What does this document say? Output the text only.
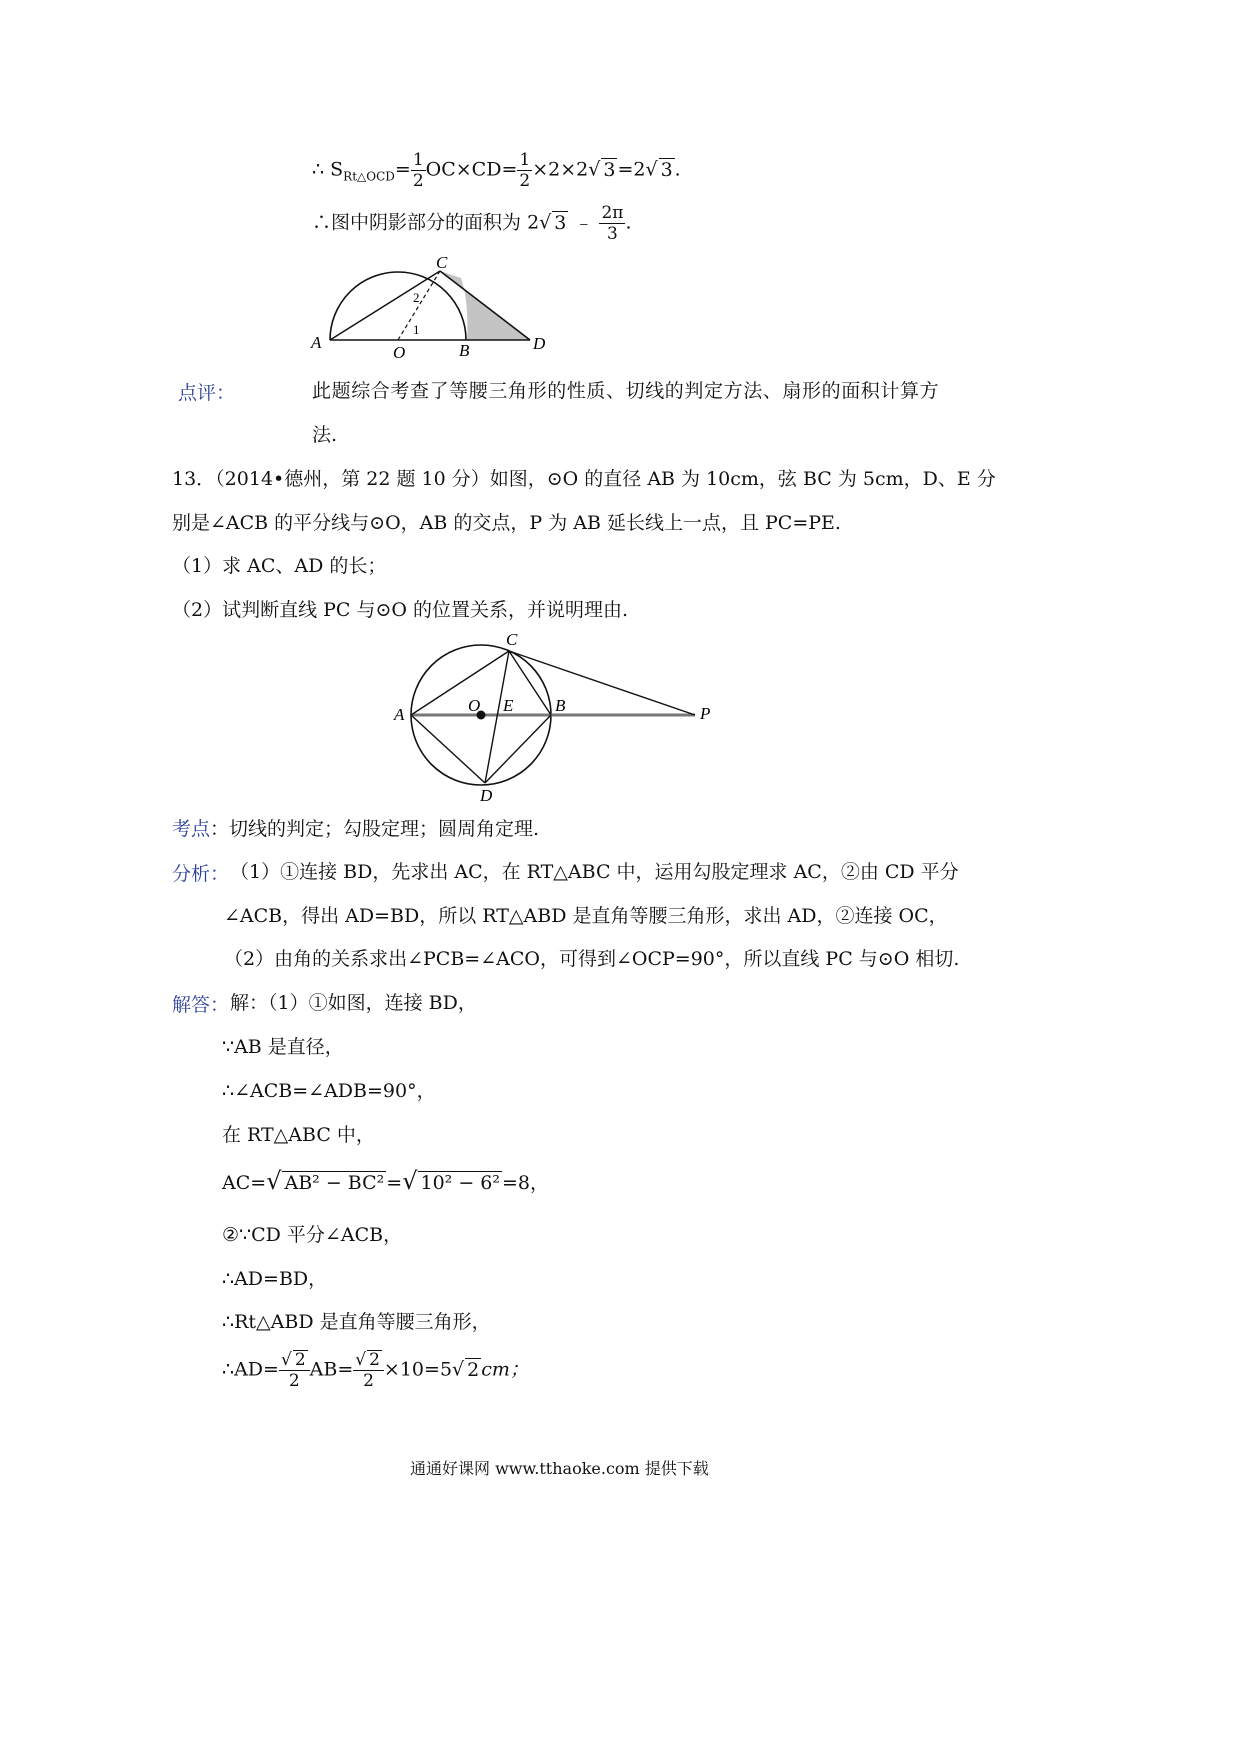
∴ $S_{Rt\triangle OCD}= \frac{1}{2} OC\times CD= \frac{1}{2} \times 2\times 2√$ 3 =2√ 3 .
∴图中阴影部分的面积为 2√ 3 ﹣ $\frac{2\pi}{3}$ .
A
O	B
C
D
1
2
点评：	此题综合考查了等腰三角形的性质、切线的判定方法、扇形的面积计算方
法.
13．（2014•德州，第 22 题 10 分）如图，⊙O 的直径 AB 为 10cm，弦 BC 为 5cm，D、E 分
别是∠ACB 的平分线与⊙O，AB 的交点，P 为 AB 延长线上一点，且 PC=PE.
（1）求 AC、AD 的长；
（2）试判断直线 PC 与⊙O 的位置关系，并说明理由.
A	O E B	P
C
D
考点：切线的判定；勾股定理；圆周角定理.
分析： （1）①连接 BD，先求出 AC，在 RT△ABC 中，运用勾股定理求 AC，②由 CD 平分
∠ACB，得出 AD=BD，所以 RT△ABD 是直角等腰三角形，求出 AD，②连接 OC，
（2）由角的关系求出∠PCB=∠ACO，可得到∠OCP=90°，所以直线 PC 与⊙O 相切.
解答： 解：（1）①如图，连接 BD，
∵AB 是直径，
∴∠ACB=∠ADB=90°，
在 RT△ABC 中，
AC=√ AB² − BC² =√ 10² − 6² =8，
②∵CD 平分∠ACB，
∴AD=BD，
∴Rt△ABD 是直角等腰三角形，
∴AD= $\frac{√ 2}{2} AB= \frac{√ 2}{2} \times 10=5√$ 2 cm；
通通好课网 www.tthaoke.com 提供下载
